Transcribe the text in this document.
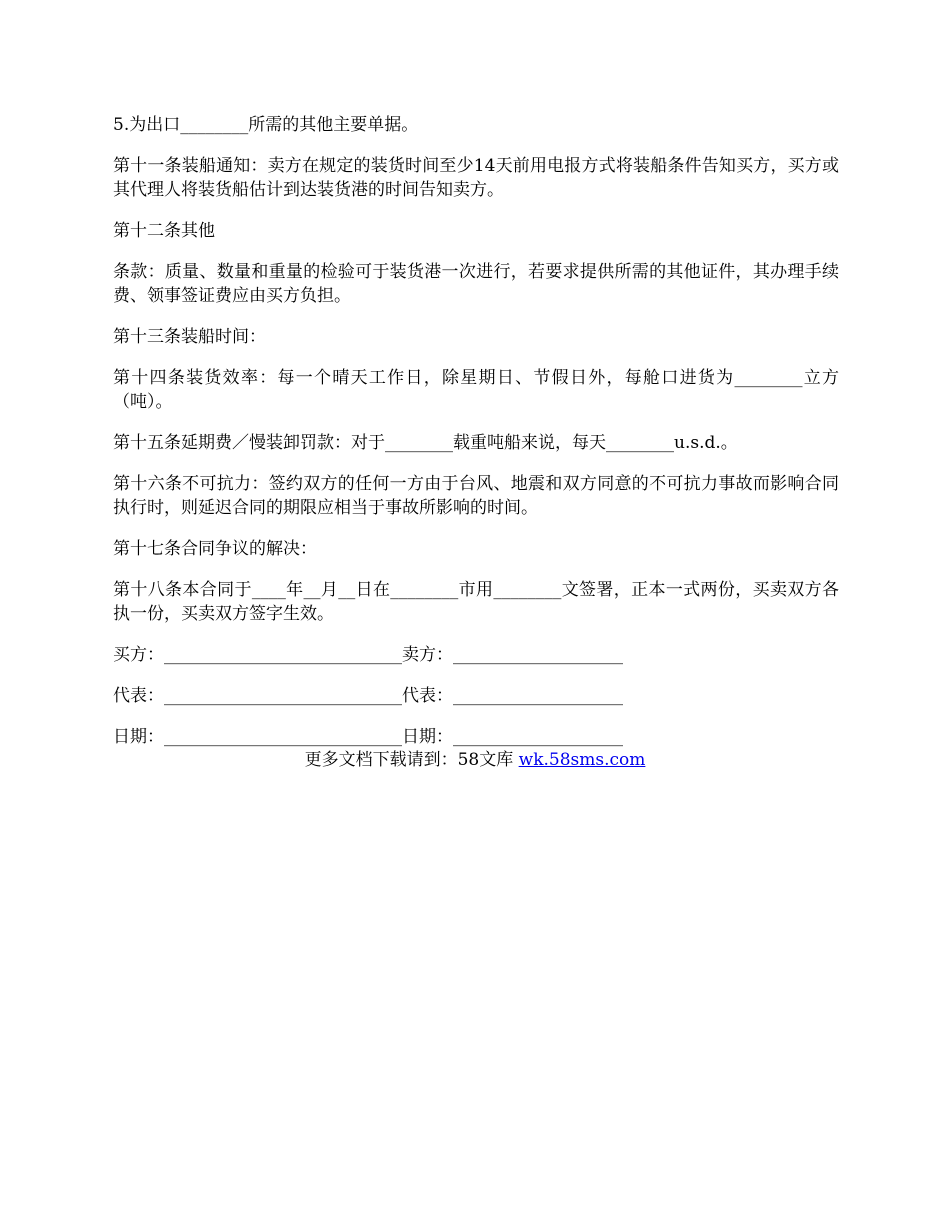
5.为出口________所需的其他主要单据。

第十一条装船通知：卖方在规定的装货时间至少14天前用电报方式将装船条件告知买方，买方或其代理人将装货船估计到达装货港的时间告知卖方。

第十二条其他

条款：质量、数量和重量的检验可于装货港一次进行，若要求提供所需的其他证件，其办理手续费、领事签证费应由买方负担。

第十三条装船时间：

第十四条装货效率：每一个晴天工作日，除星期日、节假日外，每舱口进货为________立方（吨）。

第十五条延期费／慢装卸罚款：对于________载重吨船来说，每天________u.s.d.。

第十六条不可抗力：签约双方的任何一方由于台风、地震和双方同意的不可抗力事故而影响合同执行时，则延迟合同的期限应相当于事故所影响的时间。

第十七条合同争议的解决：

第十八条本合同于____年__月__日在________市用________文签署，正本一式两份，买卖双方各执一份，买卖双方签字生效。

买方：____________________________卖方：____________________
代表：____________________________代表：____________________
日期：____________________________日期：____________________
更多文档下载请到：58文库 wk.58sms.com
